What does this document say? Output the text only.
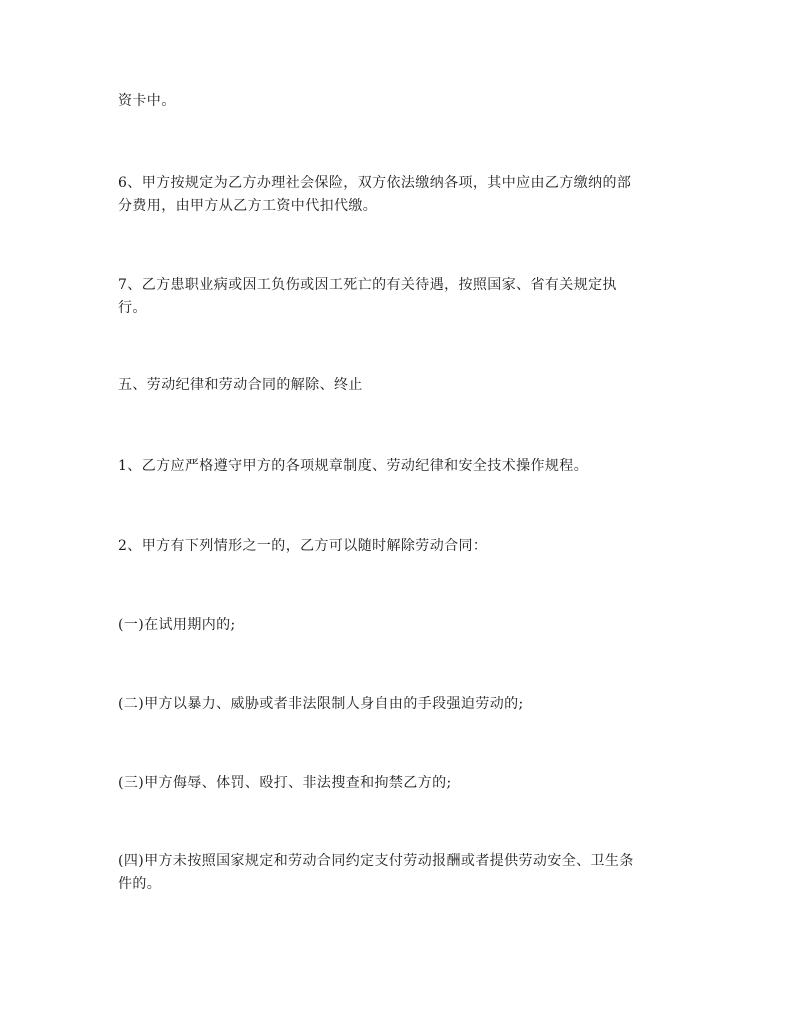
资卡中。

6、甲方按规定为乙方办理社会保险，双方依法缴纳各项，其中应由乙方缴纳的部
分费用，由甲方从乙方工资中代扣代缴。

7、乙方患职业病或因工负伤或因工死亡的有关待遇，按照国家、省有关规定执
行。

五、劳动纪律和劳动合同的解除、终止

1、乙方应严格遵守甲方的各项规章制度、劳动纪律和安全技术操作规程。

2、甲方有下列情形之一的，乙方可以随时解除劳动合同：

(一)在试用期内的;

(二)甲方以暴力、威胁或者非法限制人身自由的手段强迫劳动的;

(三)甲方侮辱、体罚、殴打、非法搜查和拘禁乙方的;

(四)甲方未按照国家规定和劳动合同约定支付劳动报酬或者提供劳动安全、卫生条
件的。
